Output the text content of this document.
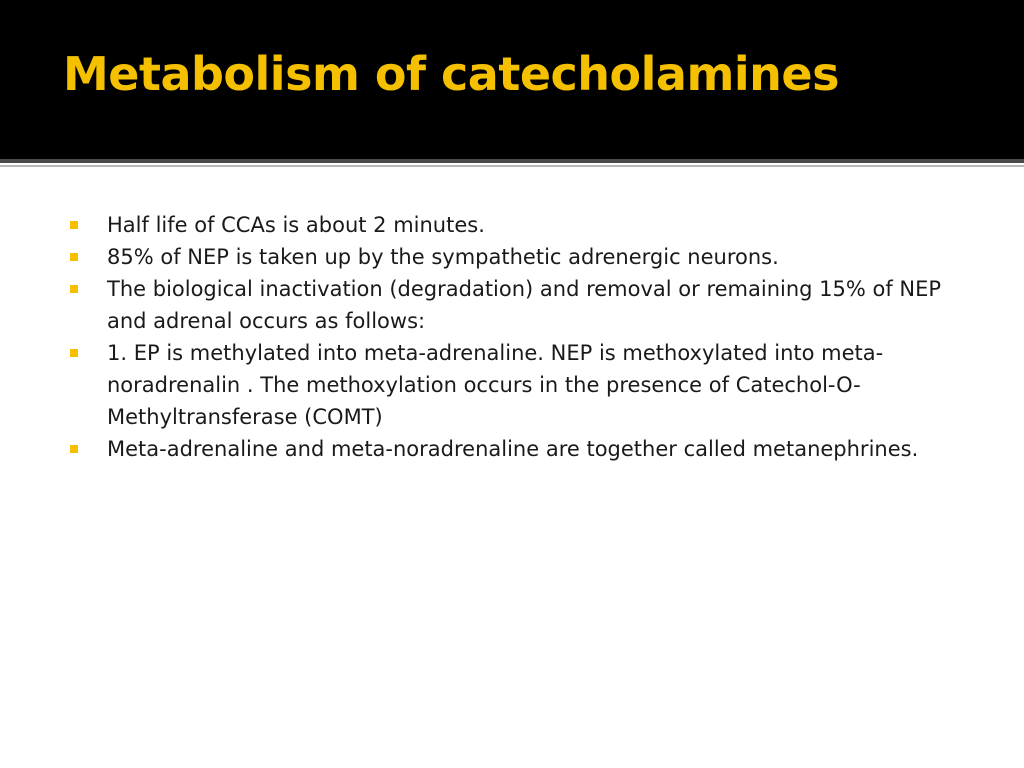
Metabolism of catecholamines
Half life of CCAs is about 2 minutes.
85% of NEP is taken up by the sympathetic adrenergic neurons.
The biological inactivation (degradation) and removal or remaining 15% of NEP and adrenal occurs as follows:
1. EP is methylated into meta-adrenaline. NEP is methoxylated into meta-noradrenalin . The methoxylation occurs in the presence of Catechol-O-Methyltransferase (COMT)
Meta-adrenaline and meta-noradrenaline are together called metanephrines.
